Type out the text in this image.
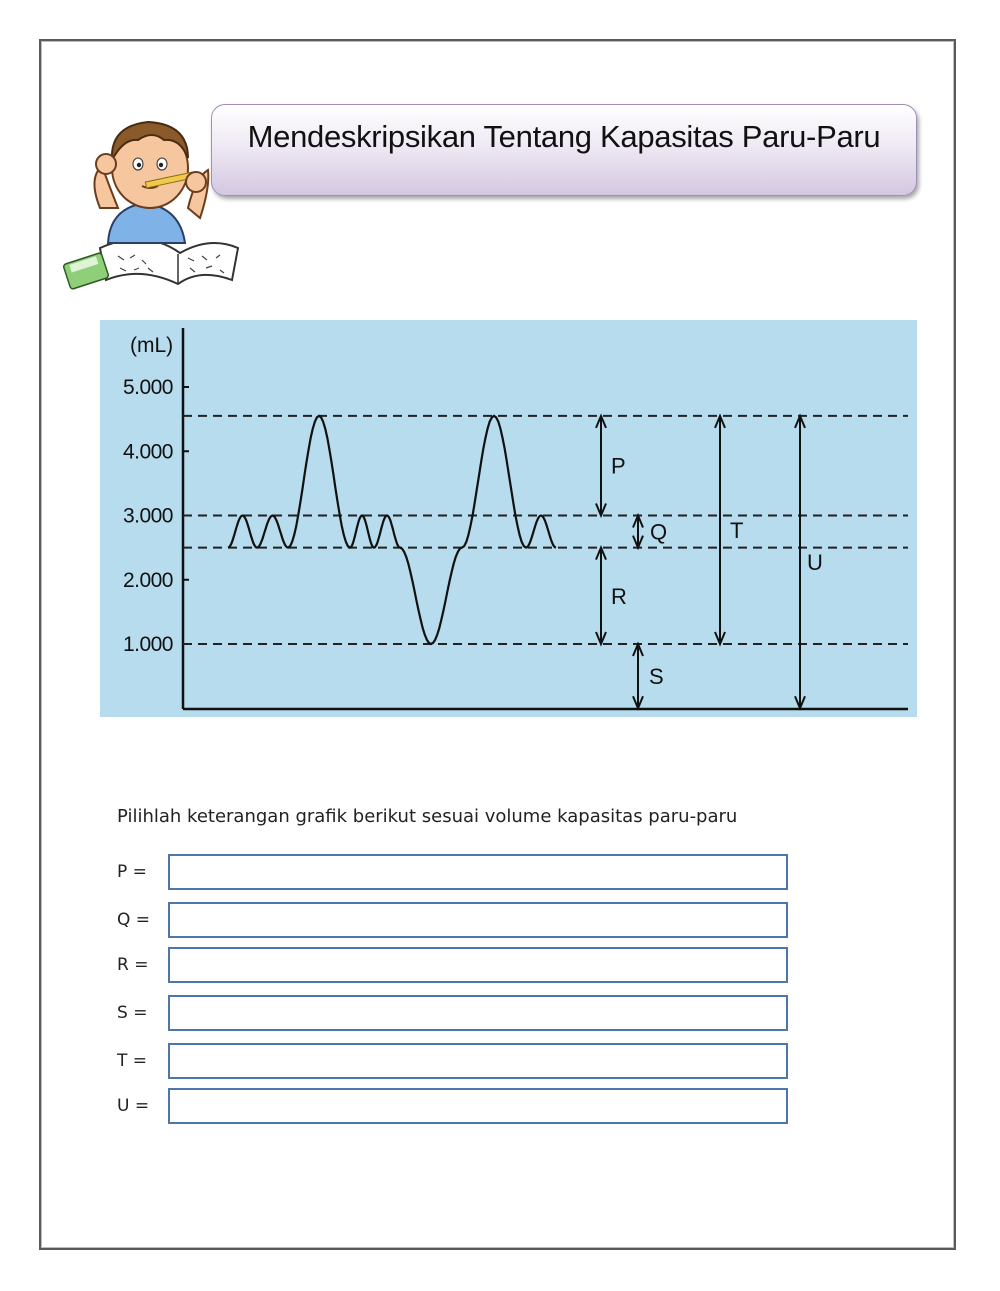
Mendeskripsikan Tentang Kapasitas Paru-Paru
(mL)
5.000
4.000
3.000
2.000
1.000
P
Q
R
S
T
U
Pilihlah keterangan grafik berikut sesuai volume kapasitas paru-paru
P =
Q =
R =
S =
T =
U =
